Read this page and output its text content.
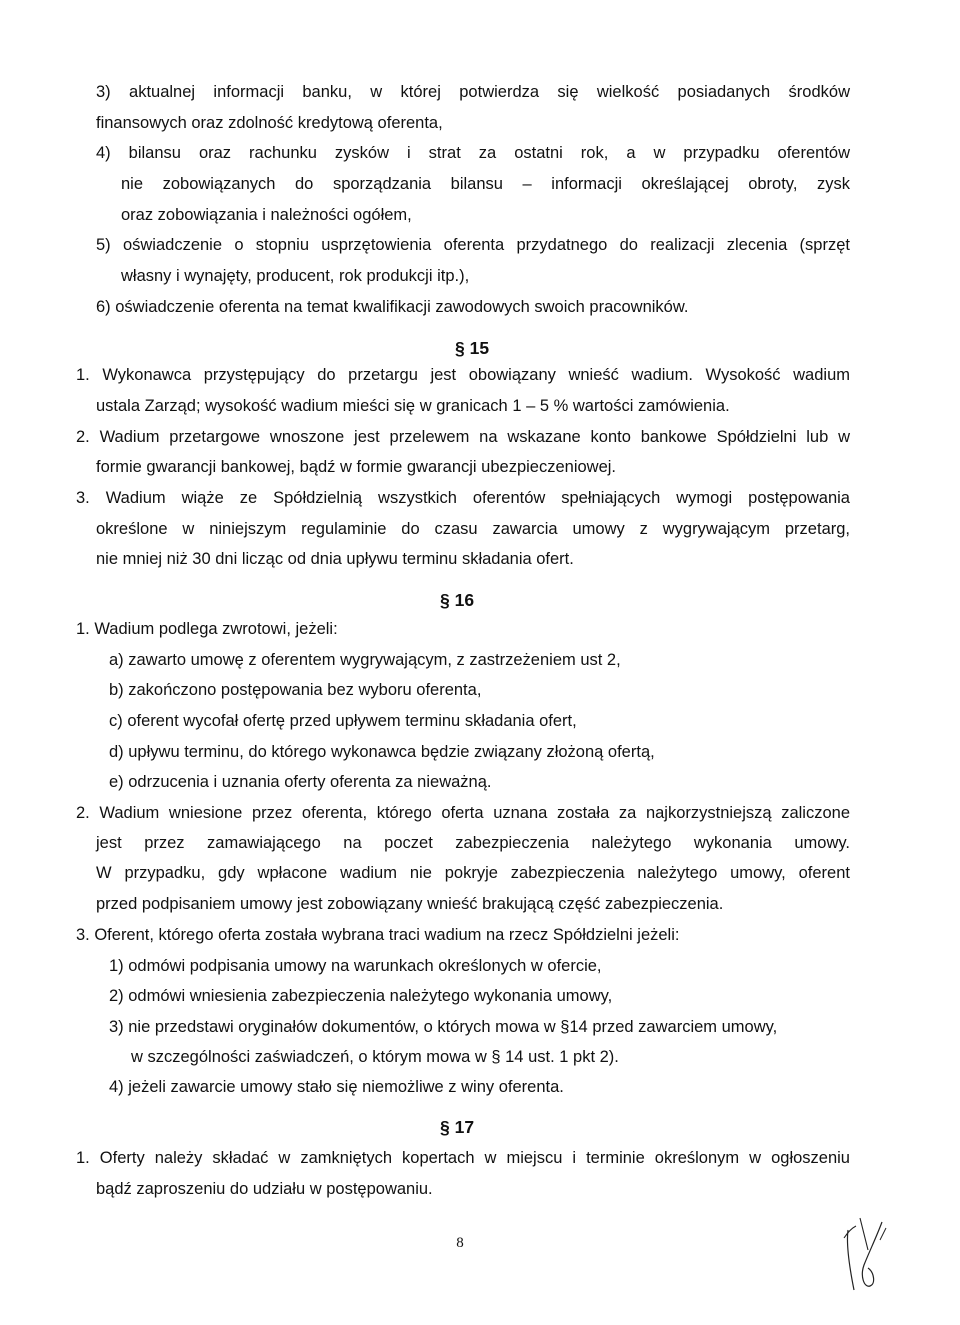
3) aktualnej informacji banku, w której potwierdza się wielkość posiadanych środków
finansowych oraz zdolność kredytową oferenta,
4) bilansu oraz rachunku zysków i strat za ostatni rok, a w przypadku oferentów
nie zobowiązanych do sporządzania bilansu – informacji określającej obroty, zysk
oraz zobowiązania i należności ogółem,
5) oświadczenie o stopniu usprzętowienia oferenta przydatnego do realizacji zlecenia (sprzęt
własny i wynajęty, producent, rok produkcji itp.),
6) oświadczenie oferenta na temat kwalifikacji zawodowych swoich pracowników.
§ 15
1. Wykonawca przystępujący do przetargu jest obowiązany wnieść wadium. Wysokość wadium
ustala Zarząd; wysokość wadium mieści się w granicach 1 – 5 % wartości zamówienia.
2. Wadium przetargowe wnoszone jest przelewem na wskazane konto bankowe Spółdzielni lub w
formie gwarancji bankowej, bądź w formie gwarancji ubezpieczeniowej.
3. Wadium wiąże ze Spółdzielnią wszystkich oferentów spełniających wymogi postępowania
określone w niniejszym regulaminie do czasu zawarcia umowy z wygrywającym przetarg,
nie mniej niż 30 dni licząc od dnia upływu terminu składania ofert.
§ 16
1. Wadium podlega zwrotowi, jeżeli:
a) zawarto umowę z oferentem wygrywającym, z zastrzeżeniem ust 2,
b) zakończono postępowania bez wyboru oferenta,
c) oferent wycofał ofertę przed upływem terminu składania ofert,
d) upływu terminu, do którego wykonawca będzie związany złożoną ofertą,
e) odrzucenia i uznania oferty oferenta za nieważną.
2. Wadium wniesione przez oferenta, którego oferta uznana została za najkorzystniejszą zaliczone
jest przez zamawiającego na poczet zabezpieczenia należytego wykonania umowy.
W przypadku, gdy wpłacone wadium nie pokryje zabezpieczenia należytego umowy, oferent
przed podpisaniem umowy jest zobowiązany wnieść brakującą część zabezpieczenia.
3. Oferent, którego oferta została wybrana traci wadium na rzecz Spółdzielni jeżeli:
1) odmówi podpisania umowy na warunkach określonych w ofercie,
2) odmówi wniesienia zabezpieczenia należytego wykonania umowy,
3) nie przedstawi oryginałów dokumentów, o których mowa w §14 przed zawarciem umowy,
w szczególności zaświadczeń, o którym mowa w § 14 ust. 1 pkt 2).
4) jeżeli zawarcie umowy stało się niemożliwe z winy oferenta.
§ 17
1. Oferty należy składać w zamkniętych kopertach w miejscu i terminie określonym w ogłoszeniu
bądź zaproszeniu do udziału w postępowaniu.
8
